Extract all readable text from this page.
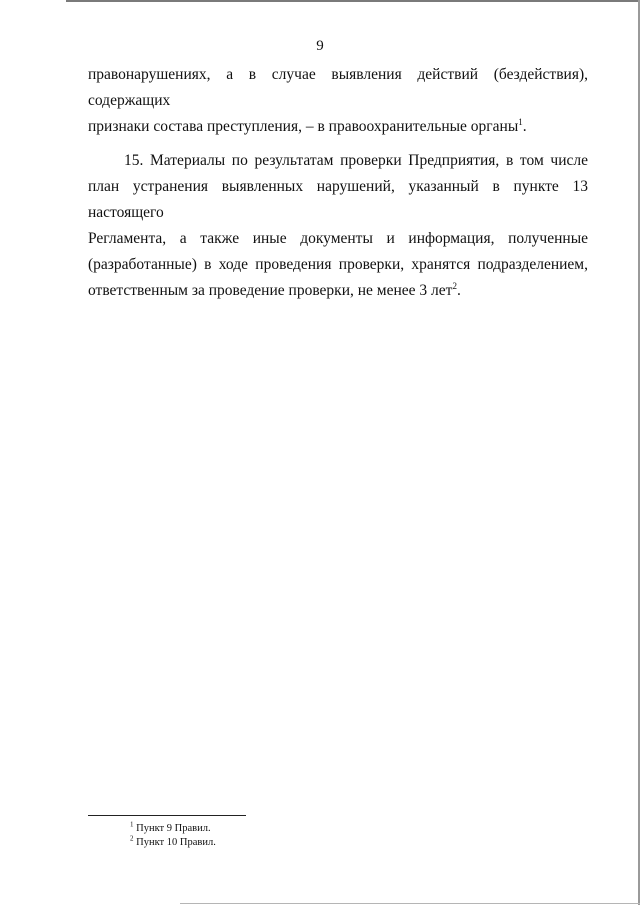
9
правонарушениях, а в случае выявления действий (бездействия), содержащих
признаки состава преступления, – в правоохранительные органы$^1$.
15. Материалы по результатам проверки Предприятия, в том числе
план устранения выявленных нарушений, указанный в пункте 13 настоящего
Регламента, а также иные документы и информация, полученные
(разработанные) в ходе проведения проверки, хранятся подразделением,
ответственным за проведение проверки, не менее 3 лет$^2$.
$^1$ Пункт 9 Правил.
$^2$ Пункт 10 Правил.
